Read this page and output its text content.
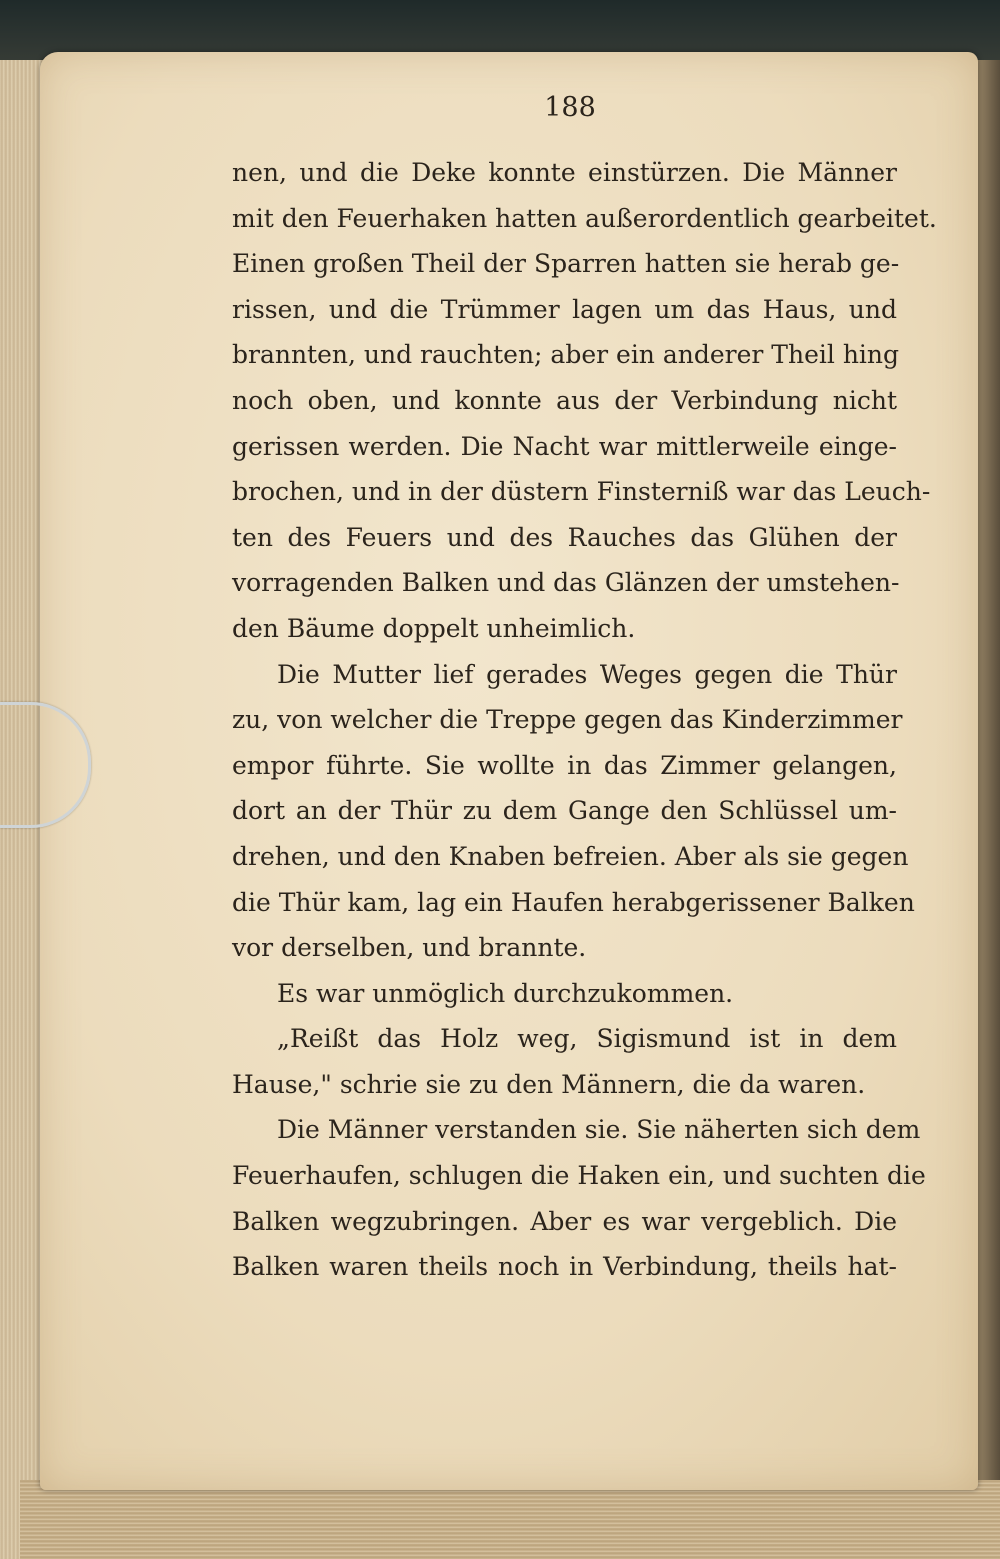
188
nen, und die Deke konnte einstürzen. Die Männer
mit den Feuerhaken hatten außerordentlich gearbeitet.
Einen großen Theil der Sparren hatten sie herab ge-
rissen, und die Trümmer lagen um das Haus, und
brannten, und rauchten; aber ein anderer Theil hing
noch oben, und konnte aus der Verbindung nicht
gerissen werden. Die Nacht war mittlerweile einge-
brochen, und in der düstern Finsterniß war das Leuch-
ten des Feuers und des Rauches das Glühen der
vorragenden Balken und das Glänzen der umstehen-
den Bäume doppelt unheimlich.
Die Mutter lief gerades Weges gegen die Thür
zu, von welcher die Treppe gegen das Kinderzimmer
empor führte. Sie wollte in das Zimmer gelangen,
dort an der Thür zu dem Gange den Schlüssel um-
drehen, und den Knaben befreien. Aber als sie gegen
die Thür kam, lag ein Haufen herabgerissener Balken
vor derselben, und brannte.
Es war unmöglich durchzukommen.
„Reißt das Holz weg, Sigismund ist in dem
Hause," schrie sie zu den Männern, die da waren.
Die Männer verstanden sie. Sie näherten sich dem
Feuerhaufen, schlugen die Haken ein, und suchten die
Balken wegzubringen. Aber es war vergeblich. Die
Balken waren theils noch in Verbindung, theils hat-
